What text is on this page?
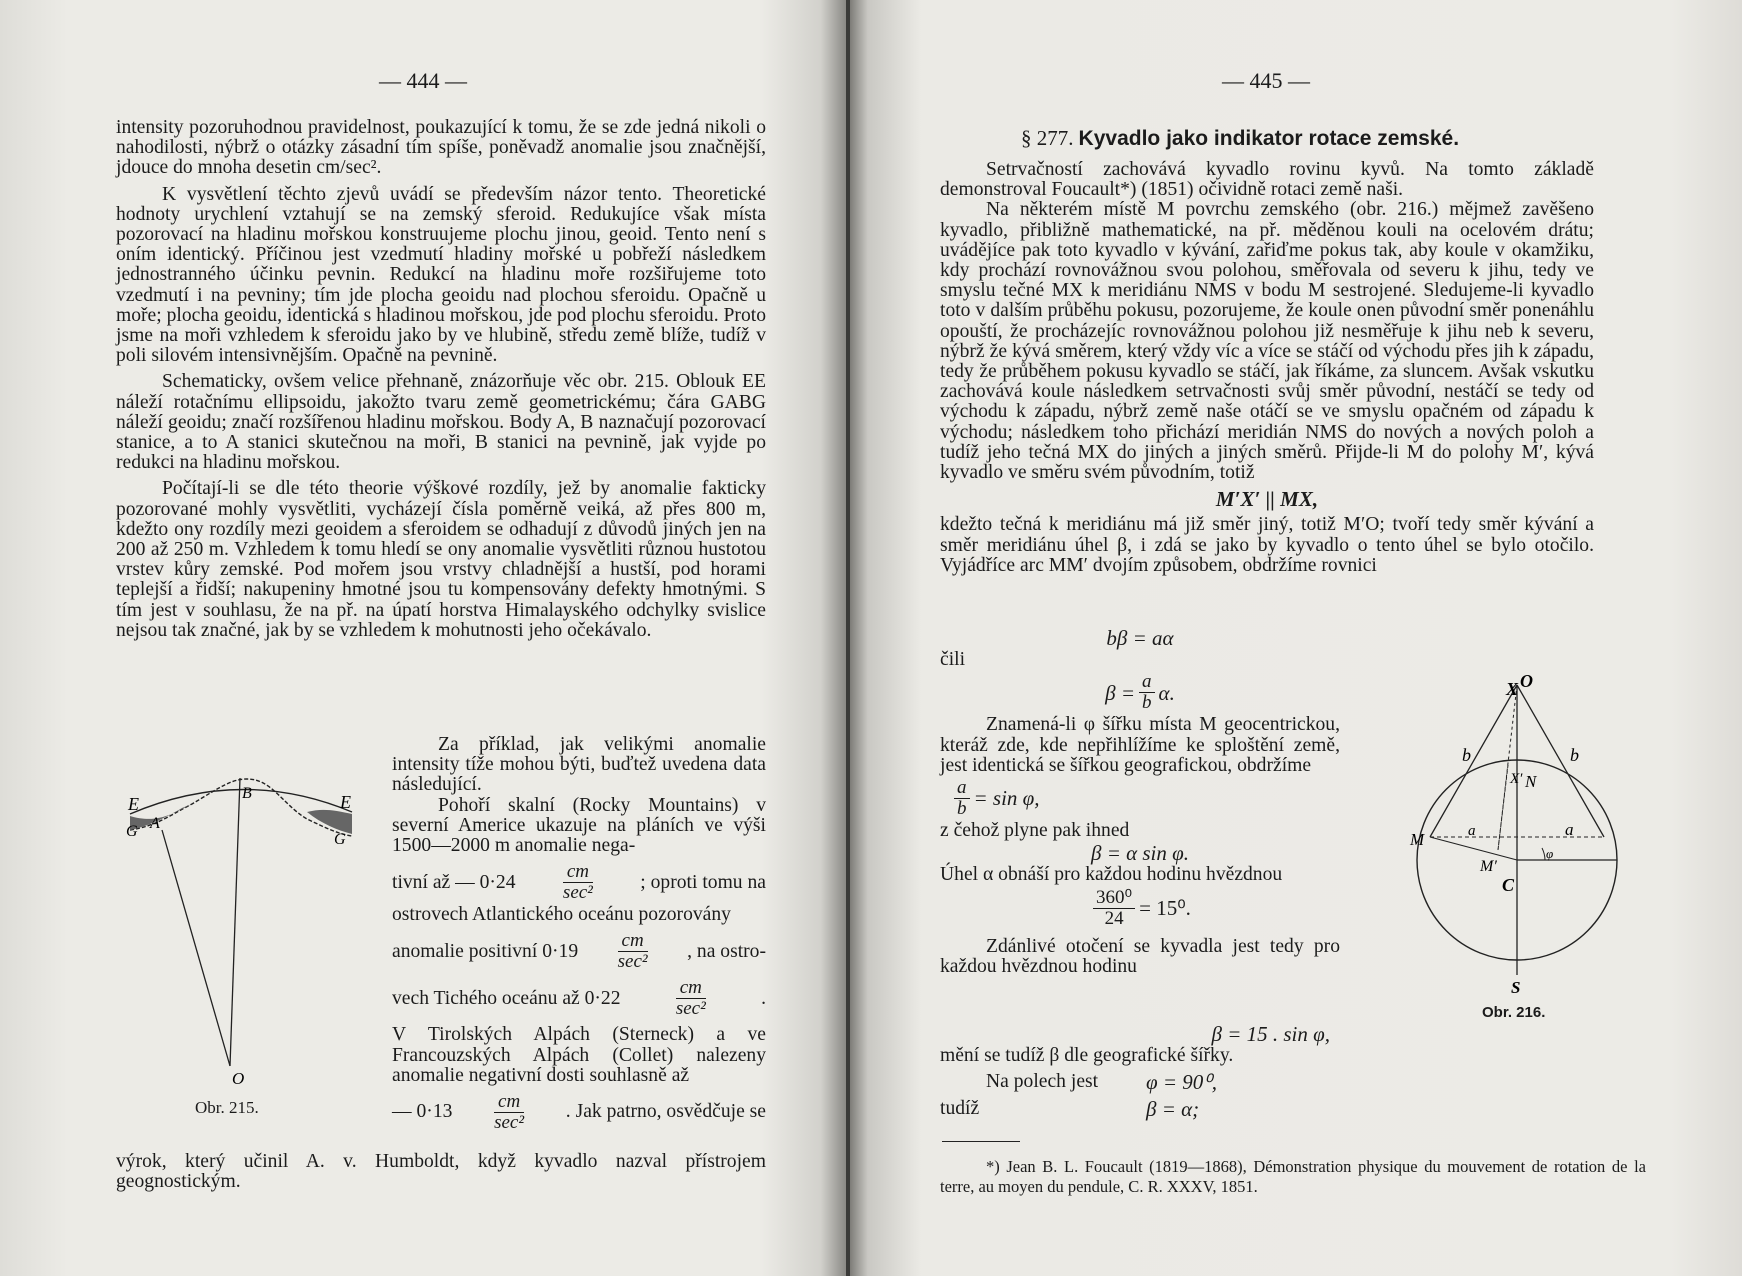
— 444 —

intensity pozoruhodnou pravidelnost, poukazující k tomu, že se zde jedná nikoli o nahodilosti, nýbrž o otázky zásadní tím spíše, poněvadž anomalie jsou značnější, jdouce do mnoha desetin cm/sec².

K vysvětlení těchto zjevů uvádí se především názor tento. Theoretické hodnoty urychlení vztahují se na zemský sferoid. Redukujíce však místa pozorovací na hladinu mořskou konstruujeme plochu jinou, geoid. Tento není s oním identický. Příčinou jest vzedmutí hladiny mořské u pobřeží následkem jednostranného účinku pevnin. Redukcí na hladinu moře rozšiřujeme toto vzedmutí i na pevniny; tím jde plocha geoidu nad plochou sferoidu. Opačně u moře; plocha geoidu, identická s hladinou mořskou, jde pod plochu sferoidu. Proto jsme na moři vzhledem k sferoidu jako by ve hlubině, středu země blíže, tudíž v poli silovém intensivnějším. Opačně na pevnině.

Schematicky, ovšem velice přehnaně, znázorňuje věc obr. 215. Oblouk EE náleží rotačnímu ellipsoidu, jakožto tvaru země geometrickému; čára GABG náleží geoidu; značí rozšířenou hladinu mořskou. Body A, B naznačují pozorovací stanice, a to A stanici skutečnou na moři, B stanici na pevnině, jak vyjde po redukci na hladinu mořskou.

Počítají-li se dle této theorie výškové rozdíly, jež by anomalie fakticky pozorované mohly vysvětliti, vycházejí čísla poměrně veiká, až přes 800 m, kdežto ony rozdíly mezi geoidem a sferoidem se odhadují z důvodů jiných jen na 200 až 250 m. Vzhledem k tomu hledí se ony anomalie vysvětliti různou hustotou vrstev kůry zemské. Pod mořem jsou vrstvy chladnější a hustší, pod horami teplejší a řidší; nakupeniny hmotné jsou tu kompensovány defekty hmotnými. S tím jest v souhlasu, že na př. na úpatí horstva Himalayského odchylky svislice nejsou tak značné, jak by se vzhledem k mohutnosti jeho očekávalo.

E	E
G	G
A
B
O
Obr. 215.

Za příklad, jak velikými anomalie intensity tíže mohou býti, buďtež uvedena data následující.

Pohoří skalní (Rocky Mountains) v severní Americe ukazuje na pláních ve výši 1500—2000 m anomalie nega-

tivní až — $0\cdot 24 \frac{cm}{\text{sec²}}$ ; oproti tomu na

ostrovech Atlantického oceánu pozorovány

anomalie positivní $0\cdot 19 \frac{cm}{\text{sec²}}$ , na ostro-

vech Tichého oceánu až 0·22	$\frac{cm}{\text{sec²}}$	.

V Tirolských Alpách (Sterneck) a ve Francouzských Alpách (Collet) nalezeny anomalie negativní dosti souhlasně až

— $0\cdot 13 \frac{cm}{\text{sec²}}$ . Jak patrno, osvědčuje se

výrok, který učinil A. v. Humboldt, když kyvadlo nazval přístrojem geognostickým.
— 445 —
§ 277. Kyvadlo jako indikator rotace zemské.

Setrvačností zachovává kyvadlo rovinu kyvů. Na tomto základě demonstroval Foucault*) (1851) očividně rotaci země naši.

Na některém místě M povrchu zemského (obr. 216.) mějmež zavěšeno kyvadlo, přibližně mathematické, na př. měděnou kouli na ocelovém drátu; uvádějíce pak toto kyvadlo v kývání, zařiďme pokus tak, aby koule v okamžiku, kdy prochází rovnovážnou svou polohou, směřovala od severu k jihu, tedy ve smyslu tečné MX k meridiánu NMS v bodu M sestrojené. Sledujeme-li kyvadlo toto v dalším průběhu pokusu, pozorujeme, že koule onen původní směr ponenáhlu opouští, že procházejíc rovnovážnou polohou již nesměřuje k jihu neb k severu, nýbrž že kývá směrem, který vždy víc a více se stáčí od východu přes jih k západu, tedy že průběhem pokusu kyvadlo se stáčí, jak říkáme, za sluncem. Avšak vskutku zachovává koule následkem setrvačnosti svůj směr původní, nestáčí se tedy od východu k západu, nýbrž země naše otáčí se ve smyslu opačném od západu k východu; následkem toho přichází meridián NMS do nových a nových poloh a tudíž jeho tečná MX do jiných a jiných směrů. Přijde-li M do polohy M′, kývá kyvadlo ve směru svém původním, totiž

M′X′ || MX,

kdežto tečná k meridiánu má již směr jiný, totiž M′O; tvoří tedy směr kývání a směr meridiánu úhel β, i zdá se jako by kyvadlo o tento úhel se bylo otočilo. Vyjádříce arc MM′ dvojím způsobem, obdržíme rovnici

bβ = aα

čili

$\beta = \frac{a}{b} \alpha$.

Znamená-li φ šířku místa M geocentrickou, kteráž zde, kde nepřihlížíme ke sploštění země, jest identická se šířkou geografickou, obdržíme

$\frac{a}{b} = \sin \varphi$,

z čehož plyne pak ihned

β = α sin φ.

Úhel α obnáší pro každou hodinu hvězdnou

$\frac{\text{360⁰}}{24} = 15^0$.

Zdánlivé otočení se kyvadla jest tedy pro každou hvězdnou hodinu

β = 15 . sin φ,

mění se tudíž β dle geografické šířky.

Na polech jest	φ = 90⁰,

tudíž	β = α;

*) Jean B. L. Foucault (1819—1868), Démonstration physique du mouvement de rotation de la terre, au moyen du pendule, C. R. XXXV, 1851.
X O
b	b
X′ N
M
M′
a	a
C
φ
S
Obr. 216.
